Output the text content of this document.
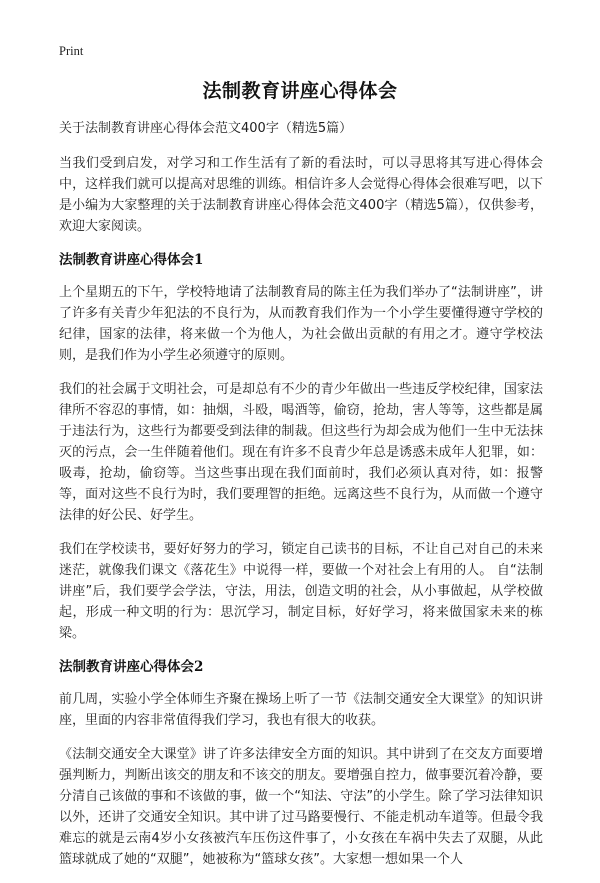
Print
法制教育讲座心得体会

关于法制教育讲座心得体会范文400字（精选5篇）

当我们受到启发，对学习和工作生活有了新的看法时，可以寻思将其写进心得体会中，这样我们就可以提高对思维的训练。相信许多人会觉得心得体会很难写吧，以下是小编为大家整理的关于法制教育讲座心得体会范文400字（精选5篇），仅供参考，欢迎大家阅读。

法制教育讲座心得体会1

上个星期五的下午，学校特地请了法制教育局的陈主任为我们举办了“法制讲座”，讲了许多有关青少年犯法的不良行为，从而教育我们作为一个小学生要懂得遵守学校的纪律，国家的法律，将来做一个为他人，为社会做出贡献的有用之才。遵守学校法则，是我们作为小学生必须遵守的原则。

我们的社会属于文明社会，可是却总有不少的青少年做出一些违反学校纪律，国家法律所不容忍的事情，如：抽烟，斗殴，喝酒等，偷窃，抢劫，害人等等，这些都是属于违法行为，这些行为都要受到法律的制裁。但这些行为却会成为他们一生中无法抹灭的污点，会一生伴随着他们。现在有许多不良青少年总是诱惑未成年人犯罪，如：吸毒，抢劫，偷窃等。当这些事出现在我们面前时，我们必须认真对待，如：报警等，面对这些不良行为时，我们要理智的拒绝。远离这些不良行为，从而做一个遵守法律的好公民、好学生。

我们在学校读书，要好好努力的学习，锁定自己读书的目标，不让自己对自己的未来迷茫，就像我们课文《落花生》中说得一样，要做一个对社会上有用的人。 自“法制讲座”后，我们要学会学法，守法，用法，创造文明的社会，从小事做起，从学校做起，形成一种文明的行为：思沉学习，制定目标，好好学习，将来做国家未来的栋梁。

法制教育讲座心得体会2

前几周，实验小学全体师生齐聚在操场上听了一节《法制交通安全大课堂》的知识讲座，里面的内容非常值得我们学习，我也有很大的收获。

《法制交通安全大课堂》讲了许多法律安全方面的知识。其中讲到了在交友方面要增强判断力，判断出该交的朋友和不该交的朋友。要增强自控力，做事要沉着冷静，要分清自己该做的事和不该做的事，做一个“知法、守法”的小学生。除了学习法律知识以外，还讲了交通安全知识。其中讲了过马路要慢行、不能走机动车道等。但最令我难忘的就是云南4岁小女孩被汽车压伤这件事了，小女孩在车祸中失去了双腿，从此篮球就成了她的“双腿”，她被称为“篮球女孩”。大家想一想如果一个人
